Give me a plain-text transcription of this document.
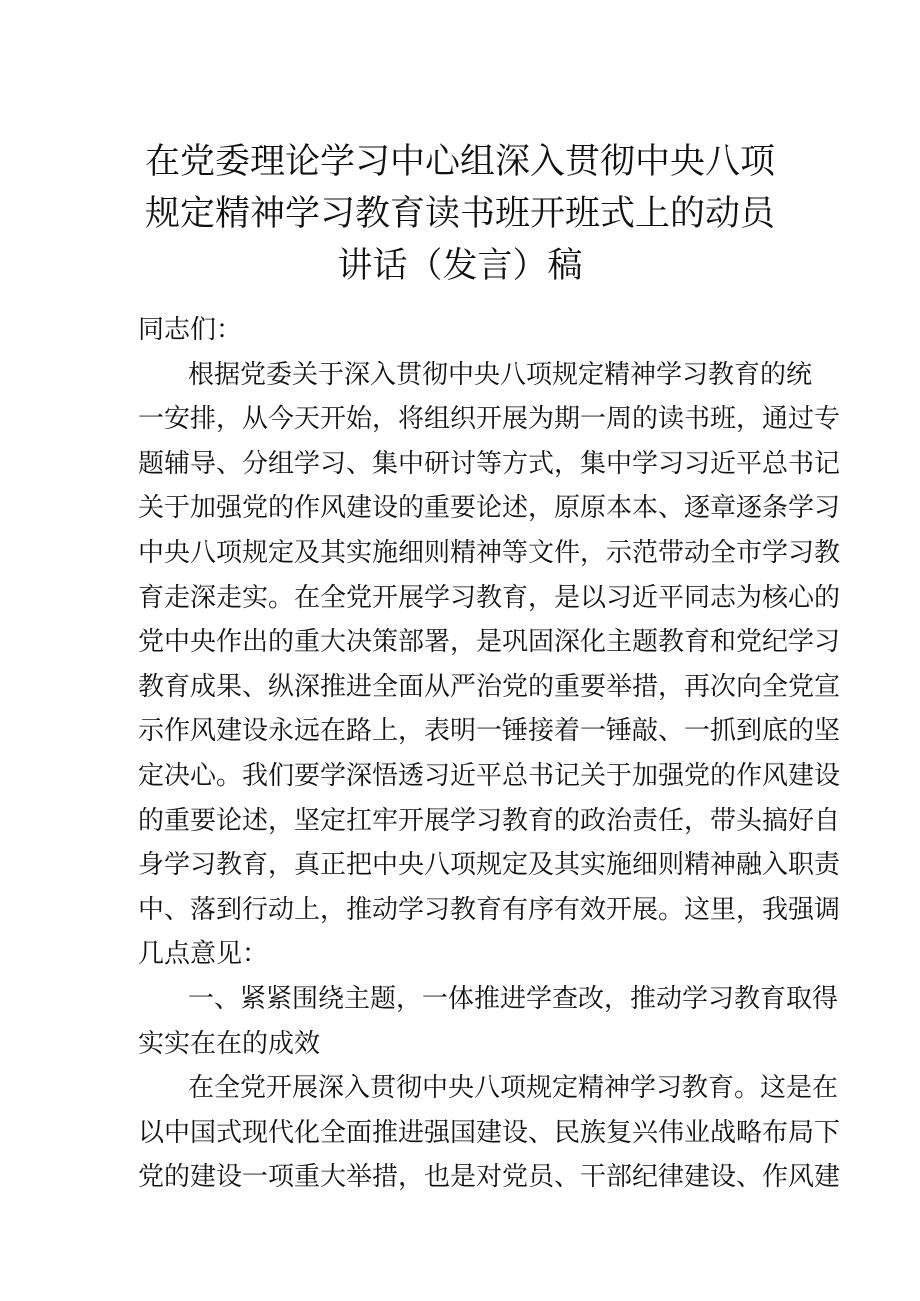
在党委理论学习中心组深入贯彻中央八项
规定精神学习教育读书班开班式上的动员
讲话（发言）稿
同志们：
根据党委关于深入贯彻中央八项规定精神学习教育的统
一安排，从今天开始，将组织开展为期一周的读书班，通过专
题辅导、分组学习、集中研讨等方式，集中学习习近平总书记
关于加强党的作风建设的重要论述，原原本本、逐章逐条学习
中央八项规定及其实施细则精神等文件，示范带动全市学习教
育走深走实。在全党开展学习教育，是以习近平同志为核心的
党中央作出的重大决策部署，是巩固深化主题教育和党纪学习
教育成果、纵深推进全面从严治党的重要举措，再次向全党宣
示作风建设永远在路上，表明一锤接着一锤敲、一抓到底的坚
定决心。我们要学深悟透习近平总书记关于加强党的作风建设
的重要论述，坚定扛牢开展学习教育的政治责任，带头搞好自
身学习教育，真正把中央八项规定及其实施细则精神融入职责
中、落到行动上，推动学习教育有序有效开展。这里，我强调
几点意见：
一、紧紧围绕主题，一体推进学查改，推动学习教育取得
实实在在的成效
在全党开展深入贯彻中央八项规定精神学习教育。这是在
以中国式现代化全面推进强国建设、民族复兴伟业战略布局下
党的建设一项重大举措，也是对党员、干部纪律建设、作风建
